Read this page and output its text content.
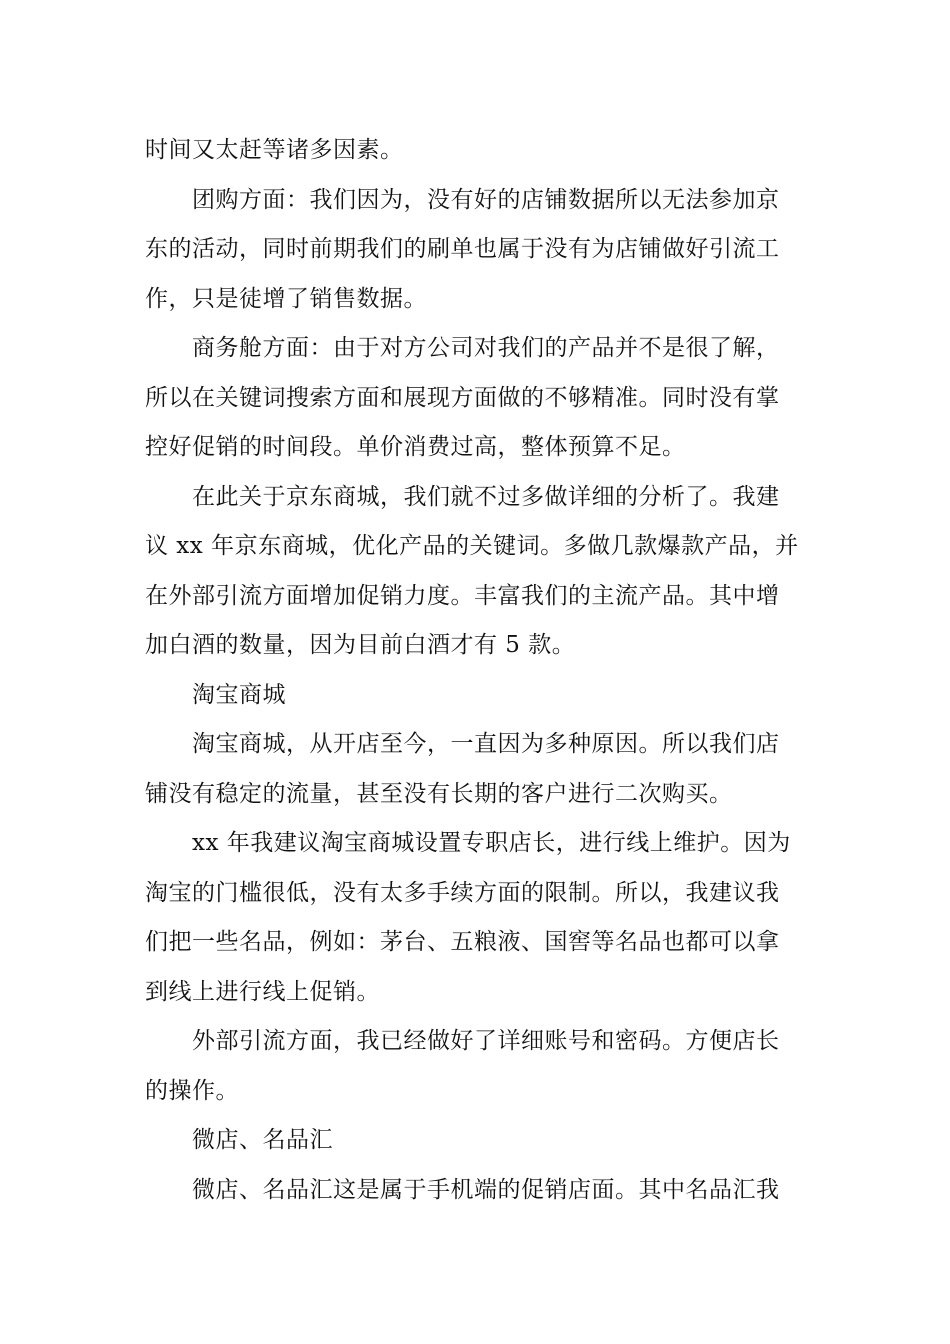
时间又太赶等诸多因素。
团购方面：我们因为，没有好的店铺数据所以无法参加京
东的活动，同时前期我们的刷单也属于没有为店铺做好引流工
作，只是徒增了销售数据。
商务舱方面：由于对方公司对我们的产品并不是很了解，
所以在关键词搜索方面和展现方面做的不够精准。同时没有掌
控好促销的时间段。单价消费过高，整体预算不足。
在此关于京东商城，我们就不过多做详细的分析了。我建
议 xx 年京东商城，优化产品的关键词。多做几款爆款产品，并
在外部引流方面增加促销力度。丰富我们的主流产品。其中增
加白酒的数量，因为目前白酒才有 5 款。
淘宝商城
淘宝商城，从开店至今，一直因为多种原因。所以我们店
铺没有稳定的流量，甚至没有长期的客户进行二次购买。
xx 年我建议淘宝商城设置专职店长，进行线上维护。因为
淘宝的门槛很低，没有太多手续方面的限制。所以，我建议我
们把一些名品，例如：茅台、五粮液、国窖等名品也都可以拿
到线上进行线上促销。
外部引流方面，我已经做好了详细账号和密码。方便店长
的操作。
微店、名品汇
微店、名品汇这是属于手机端的促销店面。其中名品汇我
